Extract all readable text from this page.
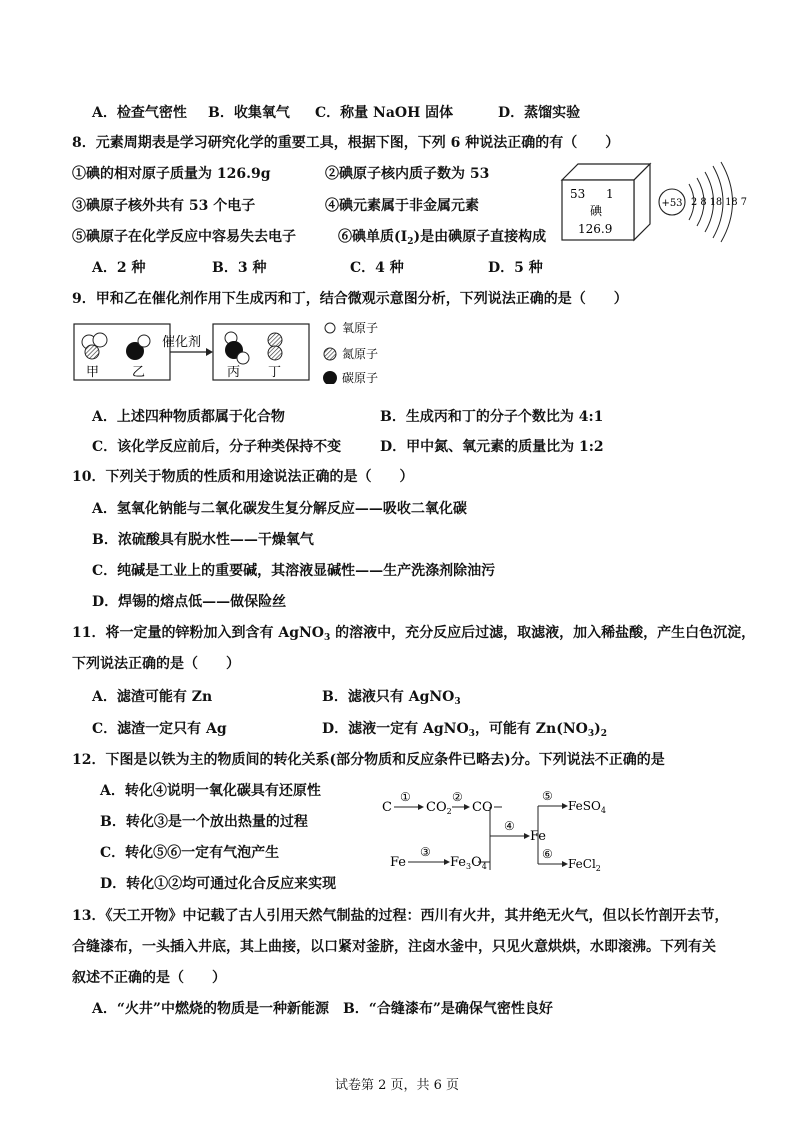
A．检查气密性 B．收集氧气 C．称量 NaOH 固体	D．蒸馏实验
8．元素周期表是学习研究化学的重要工具，根据下图，下列 6 种说法正确的有（　　）
①碘的相对原子质量为 126.9g	②碘原子核内质子数为 53
③碘原子核外共有 53 个电子	④碘元素属于非金属元素
⑤碘原子在化学反应中容易失去电子	⑥碘单质$(I_2)$是由碘原子直接构成
53 1
碘
126.9
+53 2 8 18 18 7
A．2 种	B．3 种	C．4 种	D．5 种
9．甲和乙在催化剂作用下生成丙和丁，结合微观示意图分析，下列说法正确的是（　　）
甲	乙
催化剂
丙 丁
氧原子
氮原子
碳原子
A．上述四种物质都属于化合物	B．生成丙和丁的分子个数比为 4:1
C．该化学反应前后，分子种类保持不变	D．甲中氮、氧元素的质量比为 1:2
10．下列关于物质的性质和用途说法正确的是（　　）
A．氢氧化钠能与二氧化碳发生复分解反应——吸收二氧化碳
B．浓硫酸具有脱水性——干燥氧气
C．纯碱是工业上的重要碱，其溶液显碱性——生产洗涤剂除油污
D．焊锡的熔点低——做保险丝
11．将一定量的锌粉加入到含有 AgNO$_3$ 的溶液中，充分反应后过滤，取滤液，加入稀盐酸，产生白色沉淀，
下列说法正确的是（　　）
A．滤渣可能有 Zn	B．滤液只有 AgNO$_3$
C．滤渣一定只有 Ag	D．滤液一定有 AgNO$_3$，可能有 $Zn(NO_3)_2$
12．下图是以铁为主的物质间的转化关系(部分物质和反应条件已略去)分。下列说法不正确的是
A．转化④说明一氧化碳具有还原性
B．转化③是一个放出热量的过程
C．转化⑤⑥一定有气泡产生
D．转化①②均可通过化合反应来实现
C
①
$CO_2$
②
CO
Fe
③
$Fe_3O_4$
④
Fe
⑤
FeSO$_4$
⑥
FeCl$_2$
13．《天工开物》中记载了古人引用天然气制盐的过程：西川有火井，其井绝无火气，但以长竹剖开去节，
合缝漆布，一头插入井底，其上曲接，以口紧对釜脐，注卤水釜中，只见火意烘烘，水即滚沸。下列有关
叙述不正确的是（　　）
A．“火井”中燃烧的物质是一种新能源　B．“合缝漆布”是确保气密性良好
试卷第 2 页，共 6 页
